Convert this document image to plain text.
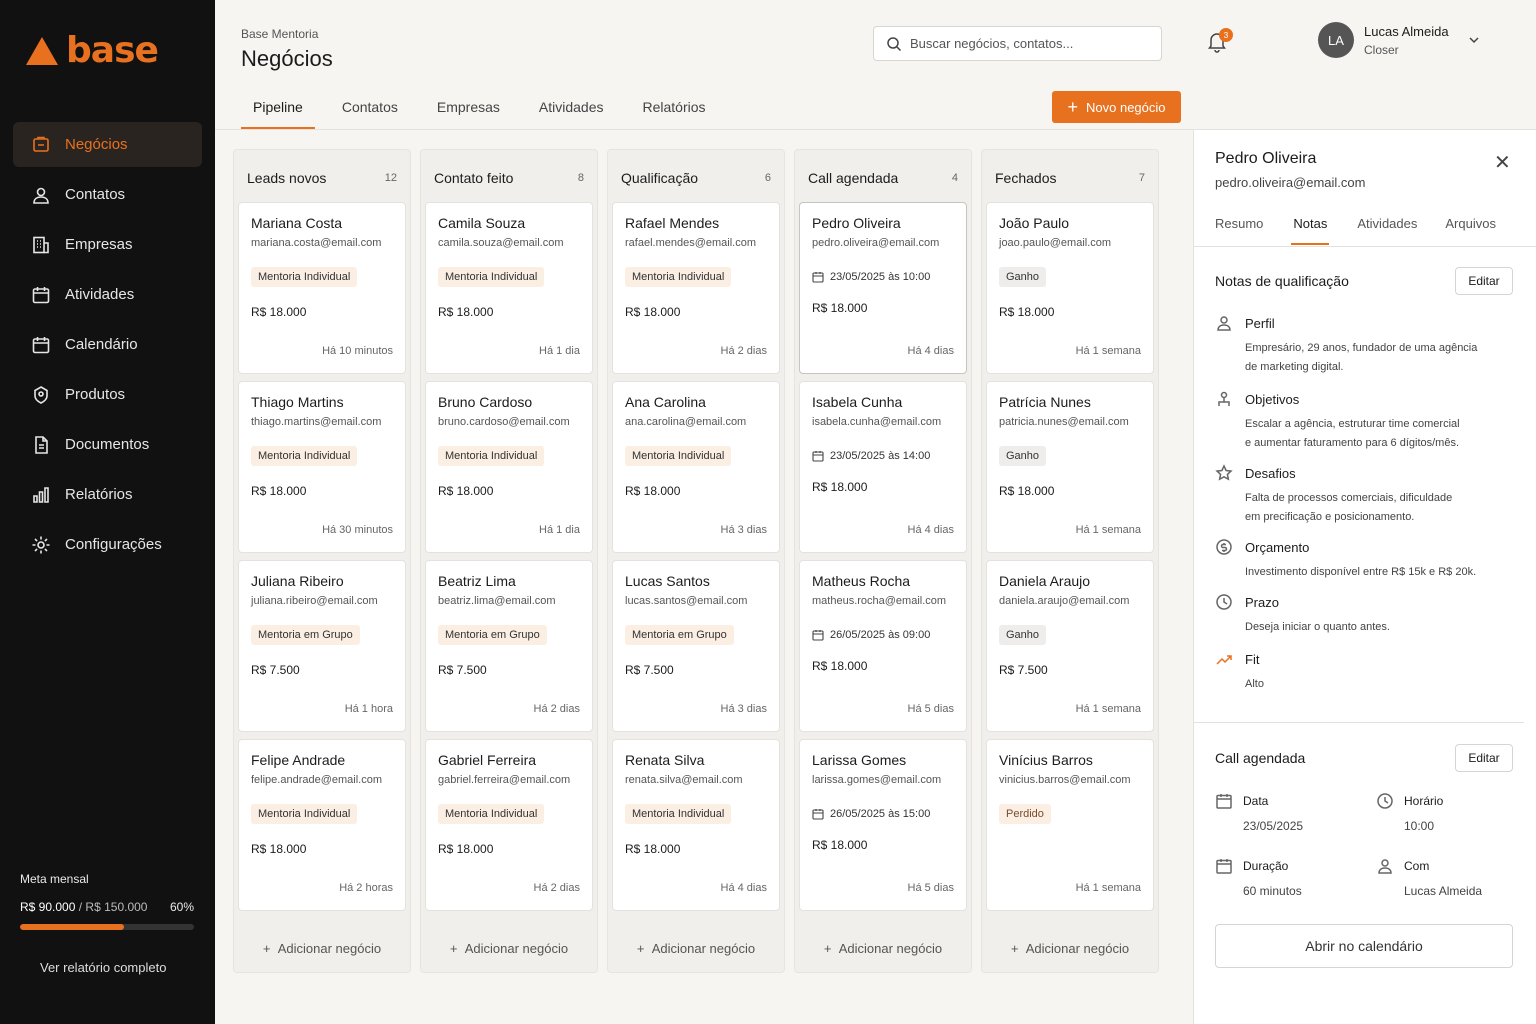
base
Negócios
Contatos
Empresas
Atividades
Calendário
Produtos
Documentos
Relatórios
Configurações
Meta mensal
R$ 90.000 / R$ 150.000 60%
Ver relatório completo
Base Mentoria
Negócios
Buscar negócios, contatos...
3	LA
Lucas Almeida
Closer
Pipeline	Contatos	Empresas	Atividades	Relatórios	+ Novo negócio
Leads novos	12
Mariana Costa
mariana.costa@email.com
Mentoria Individual
R$ 18.000
Há 10 minutos
Thiago Martins
thiago.martins@email.com
Mentoria Individual
R$ 18.000
Há 30 minutos
Juliana Ribeiro
juliana.ribeiro@email.com
Mentoria em Grupo
R$ 7.500
Há 1 hora
Felipe Andrade
felipe.andrade@email.com
Mentoria Individual
R$ 18.000
Há 2 horas
+ Adicionar negócio
Contato feito	8
Camila Souza
camila.souza@email.com
Mentoria Individual
R$ 18.000
Há 1 dia
Bruno Cardoso
bruno.cardoso@email.com
Mentoria Individual
R$ 18.000
Há 1 dia
Beatriz Lima
beatriz.lima@email.com
Mentoria em Grupo
R$ 7.500
Há 2 dias
Gabriel Ferreira
gabriel.ferreira@email.com
Mentoria Individual
R$ 18.000
Há 2 dias
+ Adicionar negócio
Qualificação	6
Rafael Mendes
rafael.mendes@email.com
Mentoria Individual
R$ 18.000
Há 2 dias
Ana Carolina
ana.carolina@email.com
Mentoria Individual
R$ 18.000
Há 3 dias
Lucas Santos
lucas.santos@email.com
Mentoria em Grupo
R$ 7.500
Há 3 dias
Renata Silva
renata.silva@email.com
Mentoria Individual
R$ 18.000
Há 4 dias
+ Adicionar negócio
Call agendada	4
Pedro Oliveira
pedro.oliveira@email.com
23/05/2025 às 10:00
R$ 18.000
Há 4 dias
Isabela Cunha
isabela.cunha@email.com
23/05/2025 às 14:00
R$ 18.000
Há 4 dias
Matheus Rocha
matheus.rocha@email.com
26/05/2025 às 09:00
R$ 18.000
Há 5 dias
Larissa Gomes
larissa.gomes@email.com
26/05/2025 às 15:00
R$ 18.000
Há 5 dias
+ Adicionar negócio
Fechados	7
João Paulo
joao.paulo@email.com
Ganho
R$ 18.000
Há 1 semana
Patrícia Nunes
patricia.nunes@email.com
Ganho
R$ 18.000
Há 1 semana
Daniela Araujo
daniela.araujo@email.com
Ganho
R$ 7.500
Há 1 semana
Vinícius Barros
vinicius.barros@email.com
Perdido
Há 1 semana
+ Adicionar negócio
Pedro Oliveira
pedro.oliveira@email.com
✕
Resumo Notas Atividades Arquivos
Notas de qualificação	Editar
Perfil
Empresário, 29 anos, fundador de uma agência
de marketing digital.
Objetivos
Escalar a agência, estruturar time comercial
e aumentar faturamento para 6 dígitos/mês.
Desafios
Falta de processos comerciais, dificuldade
em precificação e posicionamento.
Orçamento
Investimento disponível entre R$ 15k e R$ 20k.
Prazo
Deseja iniciar o quanto antes.
Fit
Alto
Call agendada	Editar
Data
23/05/2025
Horário
10:00
Duração
60 minutos
Com
Lucas Almeida
Abrir no calendário
